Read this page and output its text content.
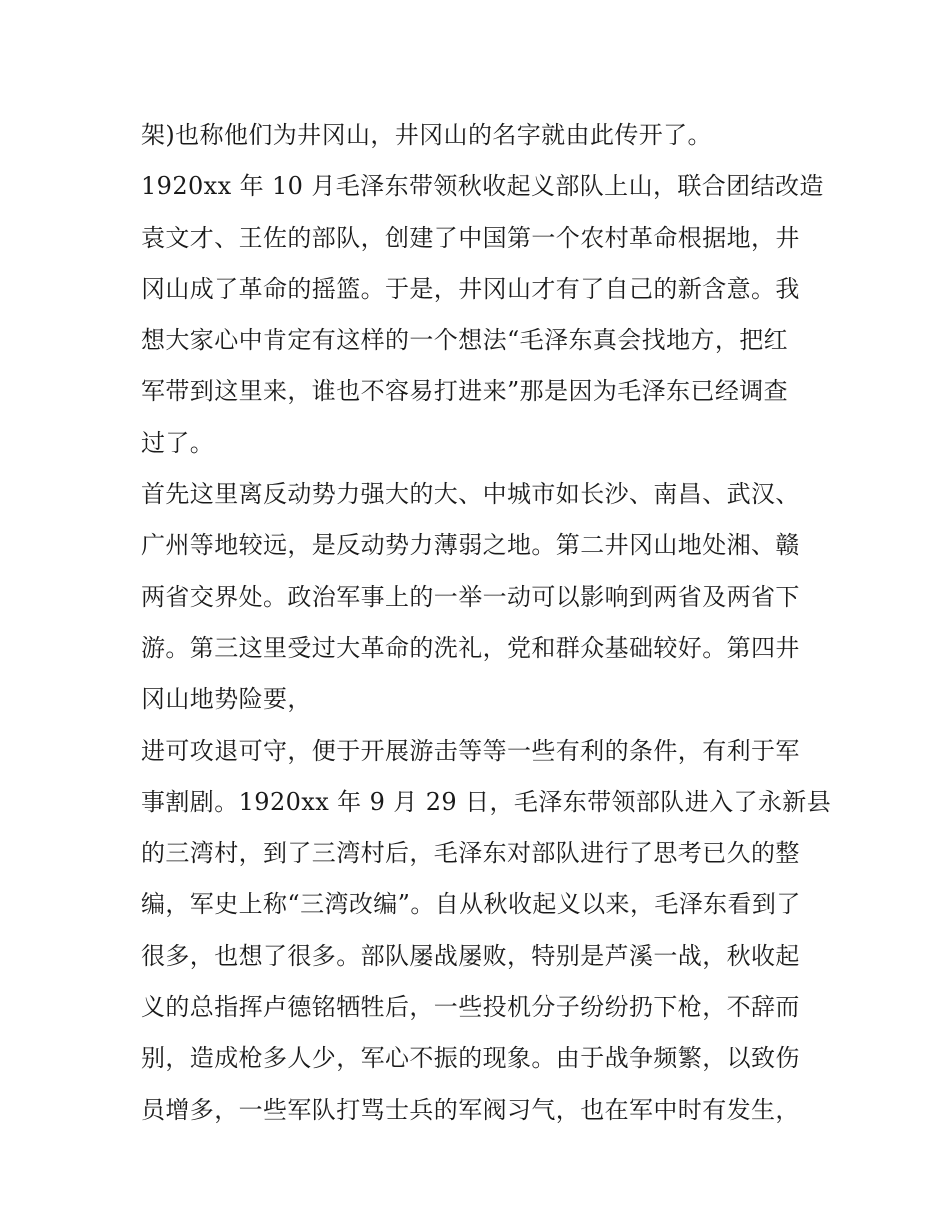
架)也称他们为井冈山，井冈山的名字就由此传开了。
1920xx 年 10 月毛泽东带领秋收起义部队上山，联合团结改造
袁文才、王佐的部队，创建了中国第一个农村革命根据地，井
冈山成了革命的摇篮。于是，井冈山才有了自己的新含意。我
想大家心中肯定有这样的一个想法“毛泽东真会找地方，把红
军带到这里来，谁也不容易打进来”那是因为毛泽东已经调查
过了。
首先这里离反动势力强大的大、中城市如长沙、南昌、武汉、
广州等地较远，是反动势力薄弱之地。第二井冈山地处湘、赣
两省交界处。政治军事上的一举一动可以影响到两省及两省下
游。第三这里受过大革命的洗礼，党和群众基础较好。第四井
冈山地势险要，
进可攻退可守，便于开展游击等等一些有利的条件，有利于军
事割剧。1920xx 年 9 月 29 日，毛泽东带领部队进入了永新县
的三湾村，到了三湾村后，毛泽东对部队进行了思考已久的整
编，军史上称“三湾改编”。自从秋收起义以来，毛泽东看到了
很多，也想了很多。部队屡战屡败，特别是芦溪一战，秋收起
义的总指挥卢德铭牺牲后，一些投机分子纷纷扔下枪，不辞而
别，造成枪多人少，军心不振的现象。由于战争频繁，以致伤
员增多，一些军队打骂士兵的军阀习气，也在军中时有发生，
